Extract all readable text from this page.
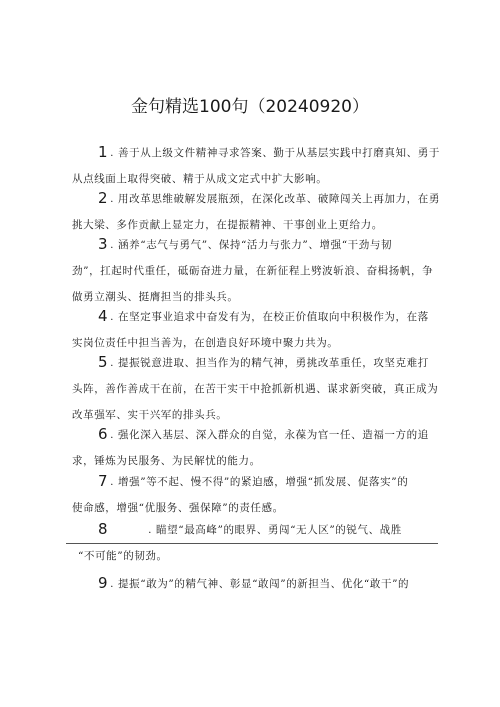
金句精选100句（20240920）
1 . 善于从上级文件精神寻求答案、勤于从基层实践中打磨真知、勇于
从点线面上取得突破、精于从成文定式中扩大影响。
2 . 用改革思维破解发展瓶颈，在深化改革、破障闯关上再加力，在勇
挑大梁、多作贡献上显定力，在提振精神、干事创业上更给力。
3 . 涵养“志气与勇气”、保持“活力与张力”、增强“干劲与韧
劲”，扛起时代重任，砥砺奋进力量，在新征程上劈波斩浪、奋楫扬帆，争
做勇立潮头、挺膺担当的排头兵。
4 . 在坚定事业追求中奋发有为，在校正价值取向中积极作为，在落
实岗位责任中担当善为，在创造良好环境中聚力共为。
5 . 提振锐意进取、担当作为的精气神，勇挑改革重任，攻坚克难打
头阵，善作善成干在前，在苦干实干中抢抓新机遇、谋求新突破，真正成为
改革强军、实干兴军的排头兵。
6 . 强化深入基层、深入群众的自觉，永葆为官一任、造福一方的追
求，锤炼为民服务、为民解忧的能力。
7 . 增强”等不起、慢不得”的紧迫感，增强“抓发展、促落实”的
使命感，增强“优服务、强保障”的责任感。
8	. 瞄望“最高峰”的眼界、勇闯“无人区”的锐气、战胜
“不可能”的韧劲。
9 . 提振“敢为”的精气神、彰显“敢闯”的新担当、优化“敢干”的
